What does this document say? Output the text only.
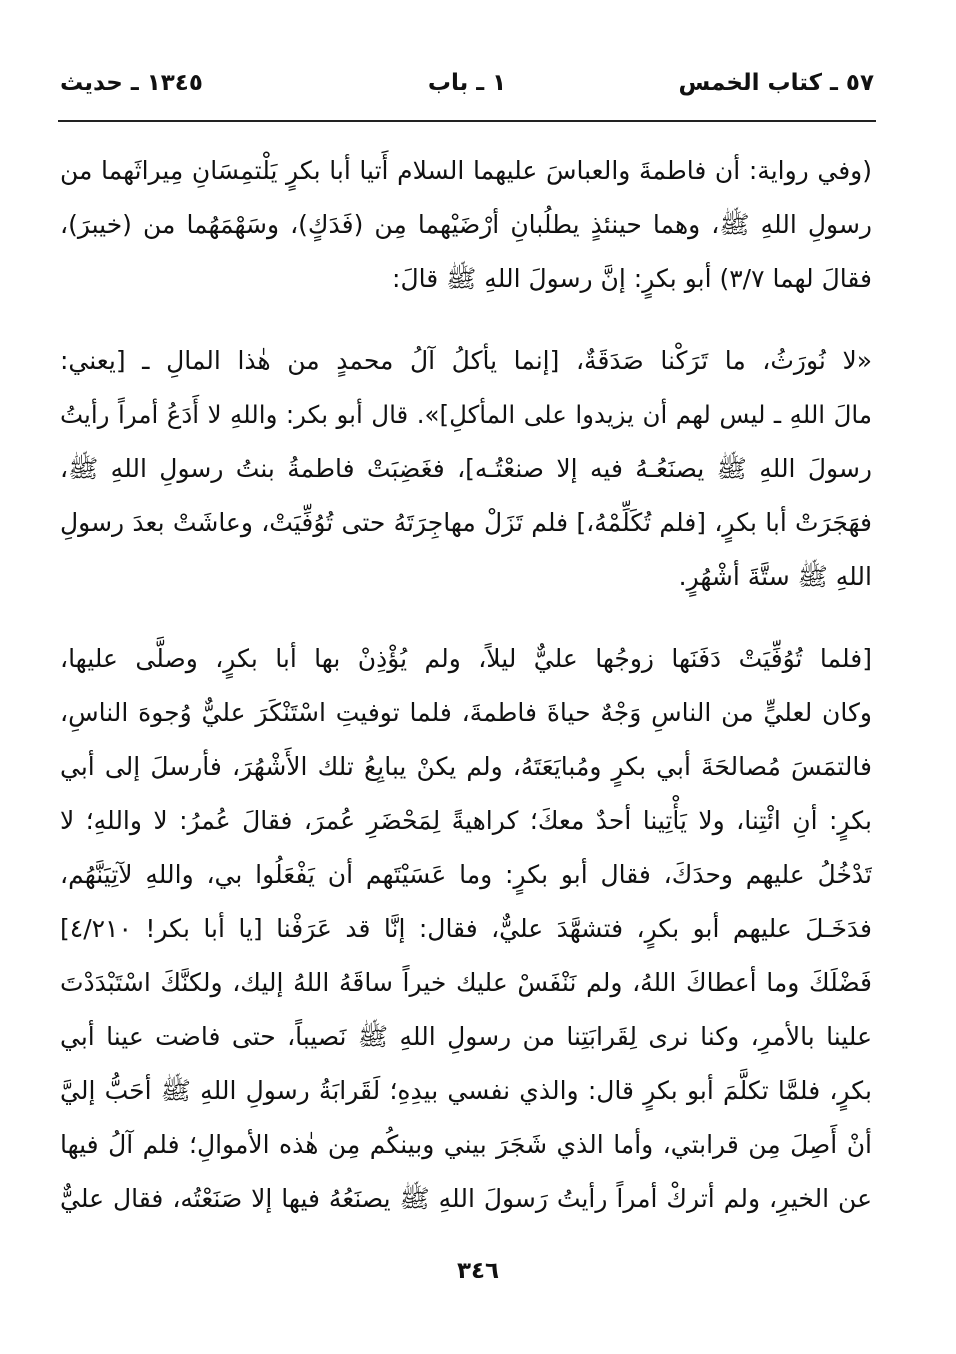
٥٧ ـ كتاب الخمس
١ ـ باب
١٣٤٥ ـ حديث
(وفي رواية: أن فاطمةَ والعباسَ عليهما السلام أَتيا أبا بكرٍ يَلْتمِسَانِ مِيراثَهما من
رسولِ اللهِ ﷺ، وهما حينئذٍ يطلُبانِ أرْضَيْهما مِن (فَدَكٍ)، وسَهْمَهُما من (خيبرَ)،
فقالَ لهما ٣/٧) أبو بكرٍ: إنَّ رسولَ اللهِ ﷺ قالَ:
«لا نُورَثُ، ما تَرَكْنا صَدَقَةٌ، [إنما يأكلُ آلُ محمدٍ من هٰذا المالِ ـ [يعني:
مالَ اللهِ ـ ليس لهم أن يزيدوا على المأكلِ]». قال أبو بكر: واللهِ لا أَدَعُ أمراً رأيتُ
رسولَ اللهِ ﷺ يصنَعُـهُ فيه إلا صنعْتُـه]، فغَضِبَتْ فاطمةُ بنتُ رسولِ اللهِ ﷺ،
فهَجَرَتْ أبا بكرٍ، [فلم تُكَلِّمْهُ،] فلم تَزَلْ مهاجِرَتَهُ حتى تُوُفِّيَتْ، وعاشَتْ بعدَ رسولِ
اللهِ ﷺ ستَّةَ أشْهُرٍ.
[فلما تُوُفِّيَتْ دَفَنَها زوجُها عليٌّ ليلاً، ولم يُؤْذِنْ بها أبا بكرٍ، وصلَّى عليها،
وكان لعليٍّ من الناسِ وَجْهٌ حياةَ فاطمةَ، فلما توفيتِ اسْتَنْكَرَ عليٌّ وُجوهَ الناسِ،
فالتمَسَ مُصالحَةَ أبي بكرٍ ومُبايَعَتَهُ، ولم يكنْ يبايِعُ تلك الأَشْهُرَ، فأرسلَ إلى أبي
بكرٍ: أنِ ائْتِنا، ولا يَأْتِينا أحدٌ معكَ؛ كراهيةً لِمَحْضَرِ عُمرَ، فقالَ عُمرُ: لا واللهِ؛ لا
تَدْخُلُ عليهم وحدَكَ، فقال أبو بكرٍ: وما عَسَيْتَهم أن يَفْعَلُوا بي، واللهِ لآتِيَنَّهُم،
فدَخَـلَ عليهم أبو بكرٍ، فتشهَّدَ عليٌّ، فقال: إنَّا قد عَرَفْنا [يا أبا بكر! ٤/٢١٠]
فَضْلَكَ وما أعطاكَ اللهُ، ولم نَنْفَسْ عليك خيراً ساقَهُ اللهُ إليك، ولكنَّكَ اسْتَبْدَدْتَ
علينا بالأمرِ، وكنا نرى لِقَرابَتِنا من رسولِ اللهِ ﷺ نَصيباً، حتى فاضت عينا أبي
بكرٍ، فلمَّا تكلَّمَ أبو بكرٍ قال: والذي نفسي بيدِهِ؛ لَقَرابَةُ رسولِ اللهِ ﷺ أحَبُّ إليَّ
أنْ أَصِلَ مِن قرابتي، وأما الذي شَجَرَ بيني وبينكُم مِن هٰذه الأموالِ؛ فلم آلُ فيها
عن الخيرِ، ولم أتركْ أمراً رأيتُ رَسولَ اللهِ ﷺ يصنَعُهُ فيها إلا صَنَعْتُه، فقال عليٌّ
٣٤٦
